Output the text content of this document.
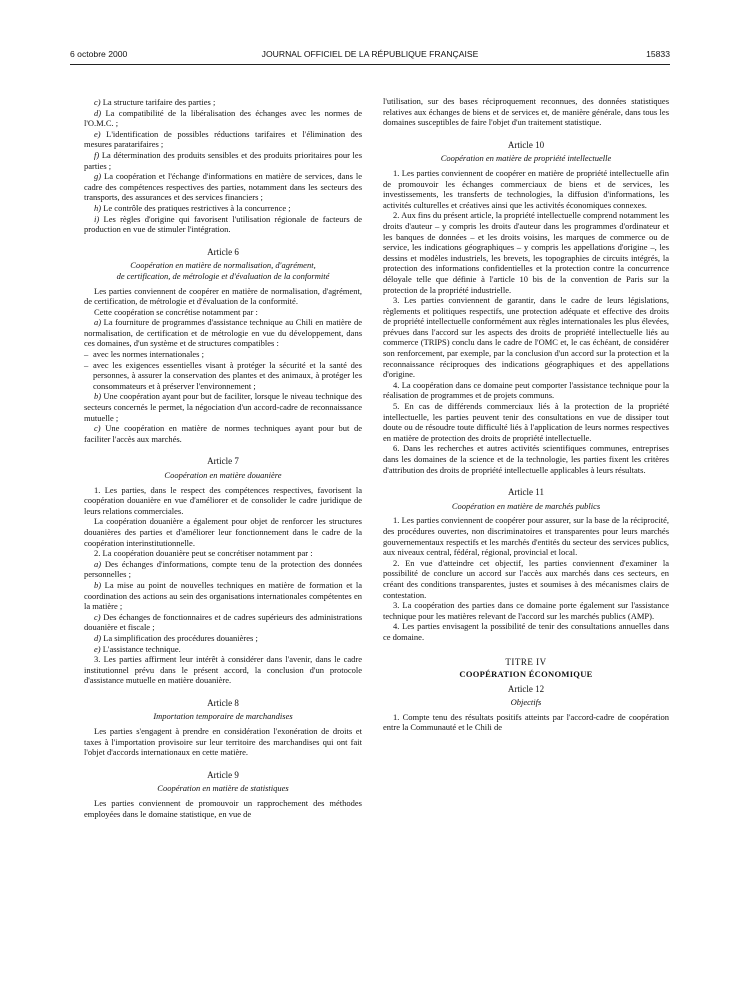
6 octobre 2000	JOURNAL OFFICIEL DE LA RÉPUBLIQUE FRANÇAISE	15833

c) La structure tarifaire des parties ;

d) La compatibilité de la libéralisation des échanges avec les normes de l'O.M.C. ;

e) L'identification de possibles réductions tarifaires et l'élimination des mesures paratarifaires ;

f) La détermination des produits sensibles et des produits prioritaires pour les parties ;

g) La coopération et l'échange d'informations en matière de services, dans le cadre des compétences respectives des parties, notamment dans les secteurs des transports, des assurances et des services financiers ;

h) Le contrôle des pratiques restrictives à la concurrence ;

i) Les règles d'origine qui favorisent l'utilisation régionale de facteurs de production en vue de stimuler l'intégration.

Article 6
Coopération en matière de normalisation, d'agrément,
de certification, de métrologie et d'évaluation de la conformité

Les parties conviennent de coopérer en matière de normalisation, d'agrément, de certification, de métrologie et d'évaluation de la conformité.

Cette coopération se concrétise notamment par :

a) La fourniture de programmes d'assistance technique au Chili en matière de normalisation, de certification et de métrologie en vue du développement, dans ces domaines, d'un système et de structures compatibles :

– avec les normes internationales ;

– avec les exigences essentielles visant à protéger la sécurité et la santé des personnes, à assurer la conservation des plantes et des animaux, à protéger les consommateurs et à préserver l'environnement ;

b) Une coopération ayant pour but de faciliter, lorsque le niveau technique des secteurs concernés le permet, la négociation d'un accord-cadre de reconnaissance mutuelle ;

c) Une coopération en matière de normes techniques ayant pour but de faciliter l'accès aux marchés.

Article 7
Coopération en matière douanière

1. Les parties, dans le respect des compétences respectives, favorisent la coopération douanière en vue d'améliorer et de consolider le cadre juridique de leurs relations commerciales.

La coopération douanière a également pour objet de renforcer les structures douanières des parties et d'améliorer leur fonctionnement dans le cadre de la coopération interinstitutionnelle.

2. La coopération douanière peut se concrétiser notamment par :

a) Des échanges d'informations, compte tenu de la protection des données personnelles ;

b) La mise au point de nouvelles techniques en matière de formation et la coordination des actions au sein des organisations internationales compétentes en la matière ;

c) Des échanges de fonctionnaires et de cadres supérieurs des administrations douanière et fiscale ;

d) La simplification des procédures douanières ;

e) L'assistance technique.

3. Les parties affirment leur intérêt à considérer dans l'avenir, dans le cadre institutionnel prévu dans le présent accord, la conclusion d'un protocole d'assistance mutuelle en matière douanière.

Article 8
Importation temporaire de marchandises

Les parties s'engagent à prendre en considération l'exonération de droits et taxes à l'importation provisoire sur leur territoire des marchandises qui ont fait l'objet d'accords internationaux en cette matière.

Article 9
Coopération en matière de statistiques

Les parties conviennent de promouvoir un rapprochement des méthodes employées dans le domaine statistique, en vue de

l'utilisation, sur des bases réciproquement reconnues, des données statistiques relatives aux échanges de biens et de services et, de manière générale, dans tous les domaines susceptibles de faire l'objet d'un traitement statistique.

Article 10
Coopération en matière de propriété intellectuelle

1. Les parties conviennent de coopérer en matière de propriété intellectuelle afin de promouvoir les échanges commerciaux de biens et de services, les investissements, les transferts de technologies, la diffusion d'informations, les activités culturelles et créatives ainsi que les activités économiques connexes.

2. Aux fins du présent article, la propriété intellectuelle comprend notamment les droits d'auteur – y compris les droits d'auteur dans les programmes d'ordinateur et les banques de données – et les droits voisins, les marques de commerce ou de service, les indications géographiques – y compris les appellations d'origine –, les dessins et modèles industriels, les brevets, les topographies de circuits intégrés, la protection des informations confidentielles et la protection contre la concurrence déloyale telle que définie à l'article 10 bis de la convention de Paris sur la protection de la propriété industrielle.

3. Les parties conviennent de garantir, dans le cadre de leurs législations, règlements et politiques respectifs, une protection adéquate et effective des droits de propriété intellectuelle conformément aux règles internationales les plus élevées, prévues dans l'accord sur les aspects des droits de propriété intellectuelle liés au commerce (TRIPS) conclu dans le cadre de l'OMC et, le cas échéant, de considérer son renforcement, par exemple, par la conclusion d'un accord sur la protection et la reconnaissance réciproques des indications géographiques et des appellations d'origine.

4. La coopération dans ce domaine peut comporter l'assistance technique pour la réalisation de programmes et de projets communs.

5. En cas de différends commerciaux liés à la protection de la propriété intellectuelle, les parties peuvent tenir des consultations en vue de dissiper tout doute ou de résoudre toute difficulté liés à l'application de leurs normes respectives en matière de protection des droits de propriété intellectuelle.

6. Dans les recherches et autres activités scientifiques communes, entreprises dans les domaines de la science et de la technologie, les parties fixent les critères d'attribution des droits de propriété intellectuelle applicables à leurs résultats.

Article 11
Coopération en matière de marchés publics

1. Les parties conviennent de coopérer pour assurer, sur la base de la réciprocité, des procédures ouvertes, non discriminatoires et transparentes pour leurs marchés gouvernementaux respectifs et les marchés d'entités du secteur des services publics, aux niveaux central, fédéral, régional, provincial et local.

2. En vue d'atteindre cet objectif, les parties conviennent d'examiner la possibilité de conclure un accord sur l'accès aux marchés dans ces secteurs, en créant des conditions transparentes, justes et soumises à des mécanismes clairs de contestation.

3. La coopération des parties dans ce domaine porte également sur l'assistance technique pour les matières relevant de l'accord sur les marchés publics (AMP).

4. Les parties envisagent la possibilité de tenir des consultations annuelles dans ce domaine.

TITRE IV
COOPÉRATION ÉCONOMIQUE
Article 12
Objectifs

1. Compte tenu des résultats positifs atteints par l'accord-cadre de coopération entre la Communauté et le Chili de
